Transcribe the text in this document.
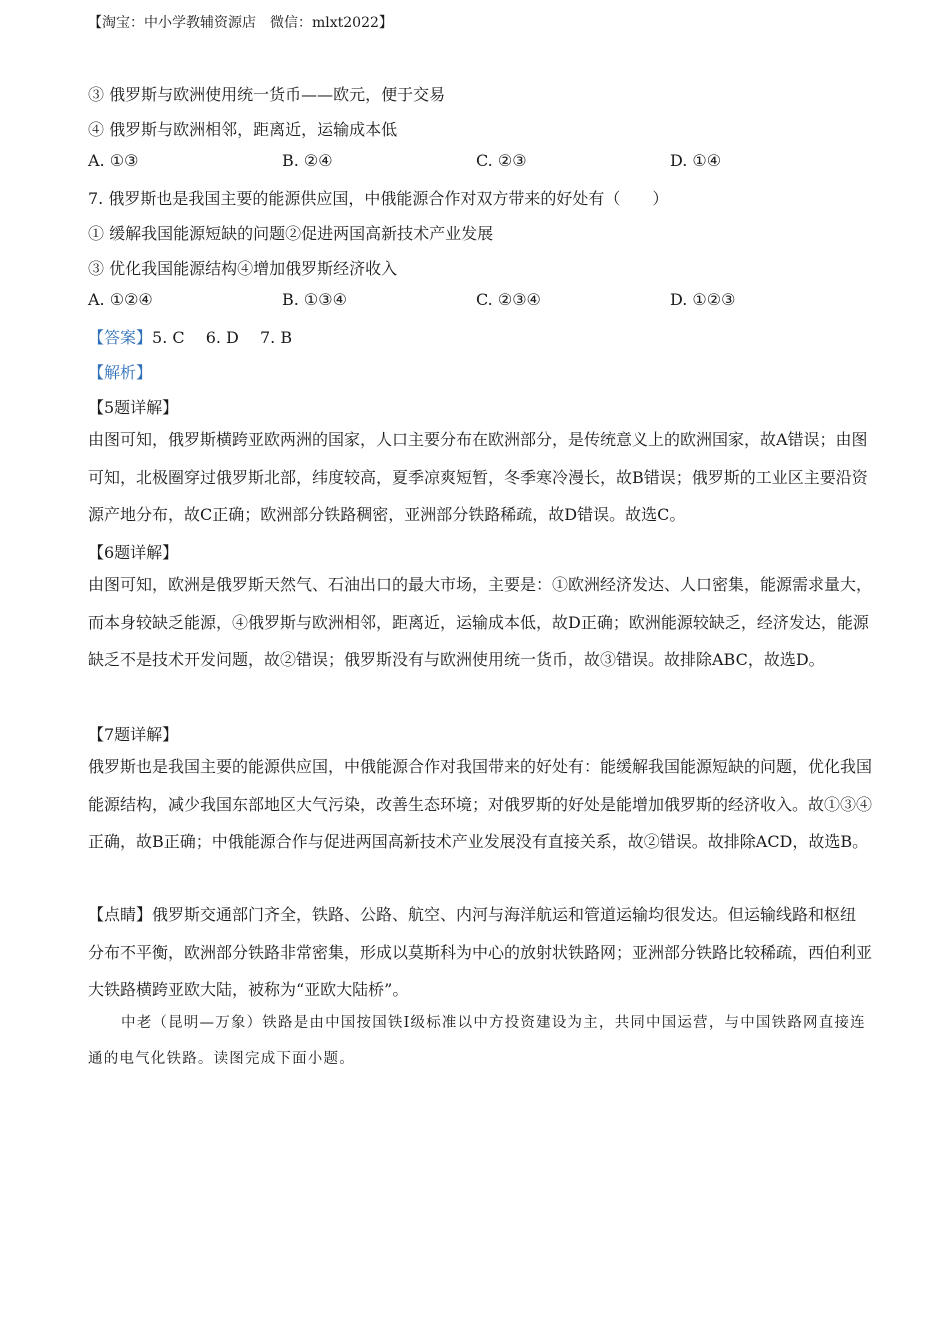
【淘宝：中小学教辅资源店　微信：mlxt2022】
③ 俄罗斯与欧洲使用统一货币——欧元，便于交易
④ 俄罗斯与欧洲相邻，距离近，运输成本低
A. ①③	B. ②④	C. ②③	D. ①④
7. 俄罗斯也是我国主要的能源供应国，中俄能源合作对双方带来的好处有（　　）
① 缓解我国能源短缺的问题②促进两国高新技术产业发展
③ 优化我国能源结构④增加俄罗斯经济收入
A. ①②④	B. ①③④	C. ②③④	D. ①②③
【答案】5. C　 6. D　 7. B
【解析】
【5题详解】
由图可知，俄罗斯横跨亚欧两洲的国家，人口主要分布在欧洲部分，是传统意义上的欧洲国家，故A错误；由图可知，北极圈穿过俄罗斯北部，纬度较高，夏季凉爽短暂，冬季寒冷漫长，故B错误；俄罗斯的工业区主要沿资源产地分布，故C正确；欧洲部分铁路稠密，亚洲部分铁路稀疏，故D错误。故选C。
【6题详解】
由图可知，欧洲是俄罗斯天然气、石油出口的最大市场，主要是：①欧洲经济发达、人口密集，能源需求量大，而本身较缺乏能源，④俄罗斯与欧洲相邻，距离近，运输成本低，故D正确；欧洲能源较缺乏，经济发达，能源缺乏不是技术开发问题，故②错误；俄罗斯没有与欧洲使用统一货币，故③错误。故排除ABC，故选D。
【7题详解】
俄罗斯也是我国主要的能源供应国，中俄能源合作对我国带来的好处有：能缓解我国能源短缺的问题，优化我国能源结构，减少我国东部地区大气污染，改善生态环境；对俄罗斯的好处是能增加俄罗斯的经济收入。故①③④正确，故B正确；中俄能源合作与促进两国高新技术产业发展没有直接关系，故②错误。故排除ACD，故选B。
【点睛】俄罗斯交通部门齐全，铁路、公路、航空、内河与海洋航运和管道运输均很发达。但运输线路和枢纽分布不平衡，欧洲部分铁路非常密集，形成以莫斯科为中心的放射状铁路网；亚洲部分铁路比较稀疏，西伯利亚大铁路横跨亚欧大陆，被称为“亚欧大陆桥”。
中老（昆明—万象）铁路是由中国按国铁Ⅰ级标准以中方投资建设为主，共同中国运营，与中国铁路网直接连通的电气化铁路。读图完成下面小题。
